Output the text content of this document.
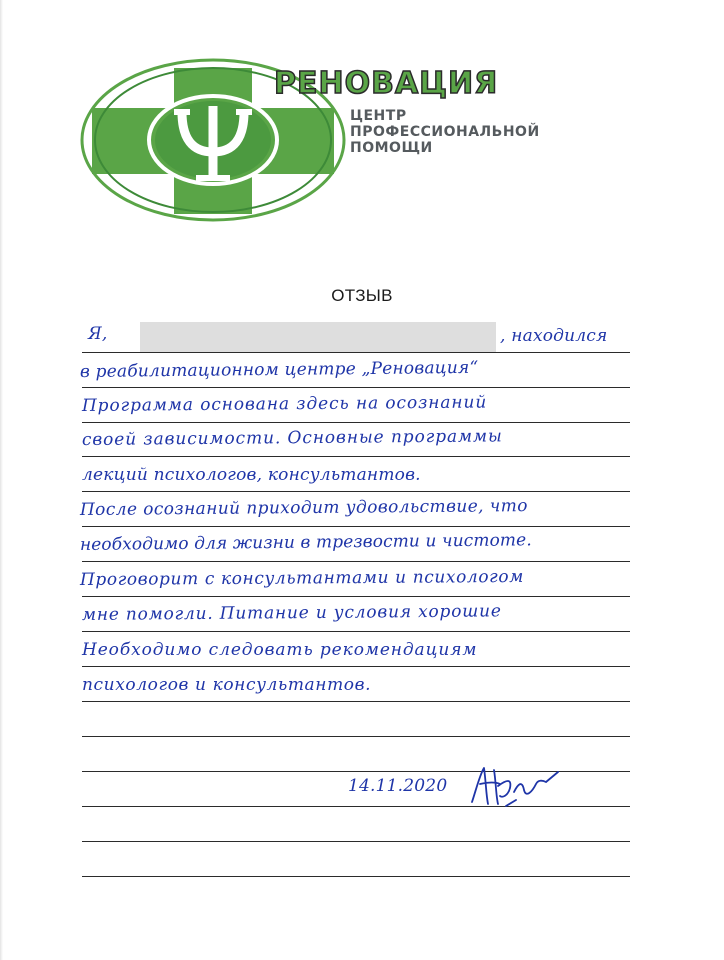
РЕНОВАЦИЯ
ЦЕНТР
ПРОФЕССИОНАЛЬНОЙ
ПОМОЩИ
ОТЗЫВ
Я,	, находился
в реабилитационном центре „Реновация“
Программа основана здесь на осознаний
своей зависимости. Основные программы
лекций психологов, консультантов.
После осознаний приходит удовольствие, что
необходимо для жизни в трезвости и чистоте.
Проговорит с консультантами и психологом
мне помогли. Питание и условия хорошие
Необходимо следовать рекомендациям
психологов и консультантов.
14.11.2020
